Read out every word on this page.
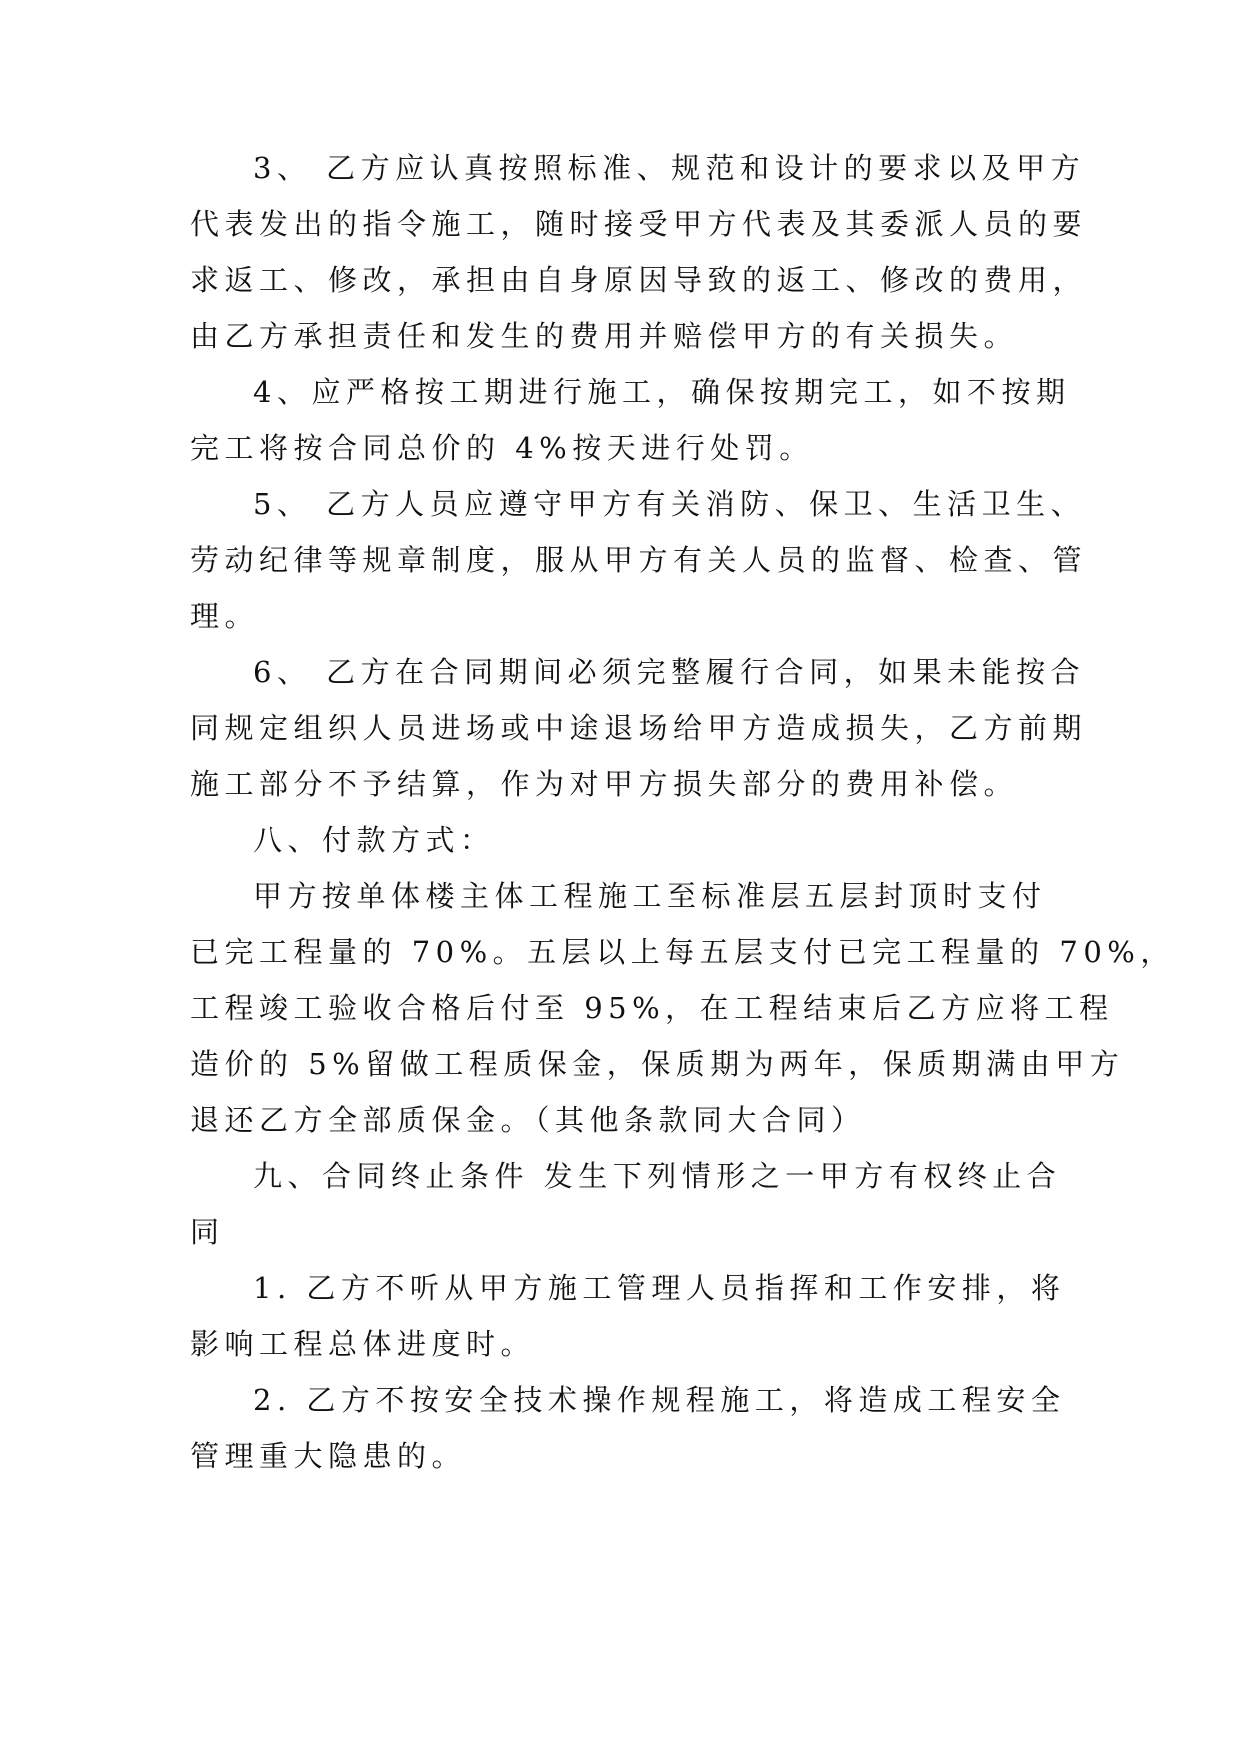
3、 乙方应认真按照标准、规范和设计的要求以及甲方
代表发出的指令施工，随时接受甲方代表及其委派人员的要
求返工、修改，承担由自身原因导致的返工、修改的费用，
由乙方承担责任和发生的费用并赔偿甲方的有关损失。
4、应严格按工期进行施工，确保按期完工，如不按期
完工将按合同总价的 4%按天进行处罚。
5、 乙方人员应遵守甲方有关消防、保卫、生活卫生、
劳动纪律等规章制度，服从甲方有关人员的监督、检查、管
理。
6、 乙方在合同期间必须完整履行合同，如果未能按合
同规定组织人员进场或中途退场给甲方造成损失，乙方前期
施工部分不予结算，作为对甲方损失部分的费用补偿。
八、付款方式：
甲方按单体楼主体工程施工至标准层五层封顶时支付
已完工程量的 70%。五层以上每五层支付已完工程量的 70%，
工程竣工验收合格后付至 95%，在工程结束后乙方应将工程
造价的 5%留做工程质保金，保质期为两年，保质期满由甲方
退还乙方全部质保金。（其他条款同大合同）
九、合同终止条件 发生下列情形之一甲方有权终止合
同
1. 乙方不听从甲方施工管理人员指挥和工作安排，将
影响工程总体进度时。
2. 乙方不按安全技术操作规程施工，将造成工程安全
管理重大隐患的。
